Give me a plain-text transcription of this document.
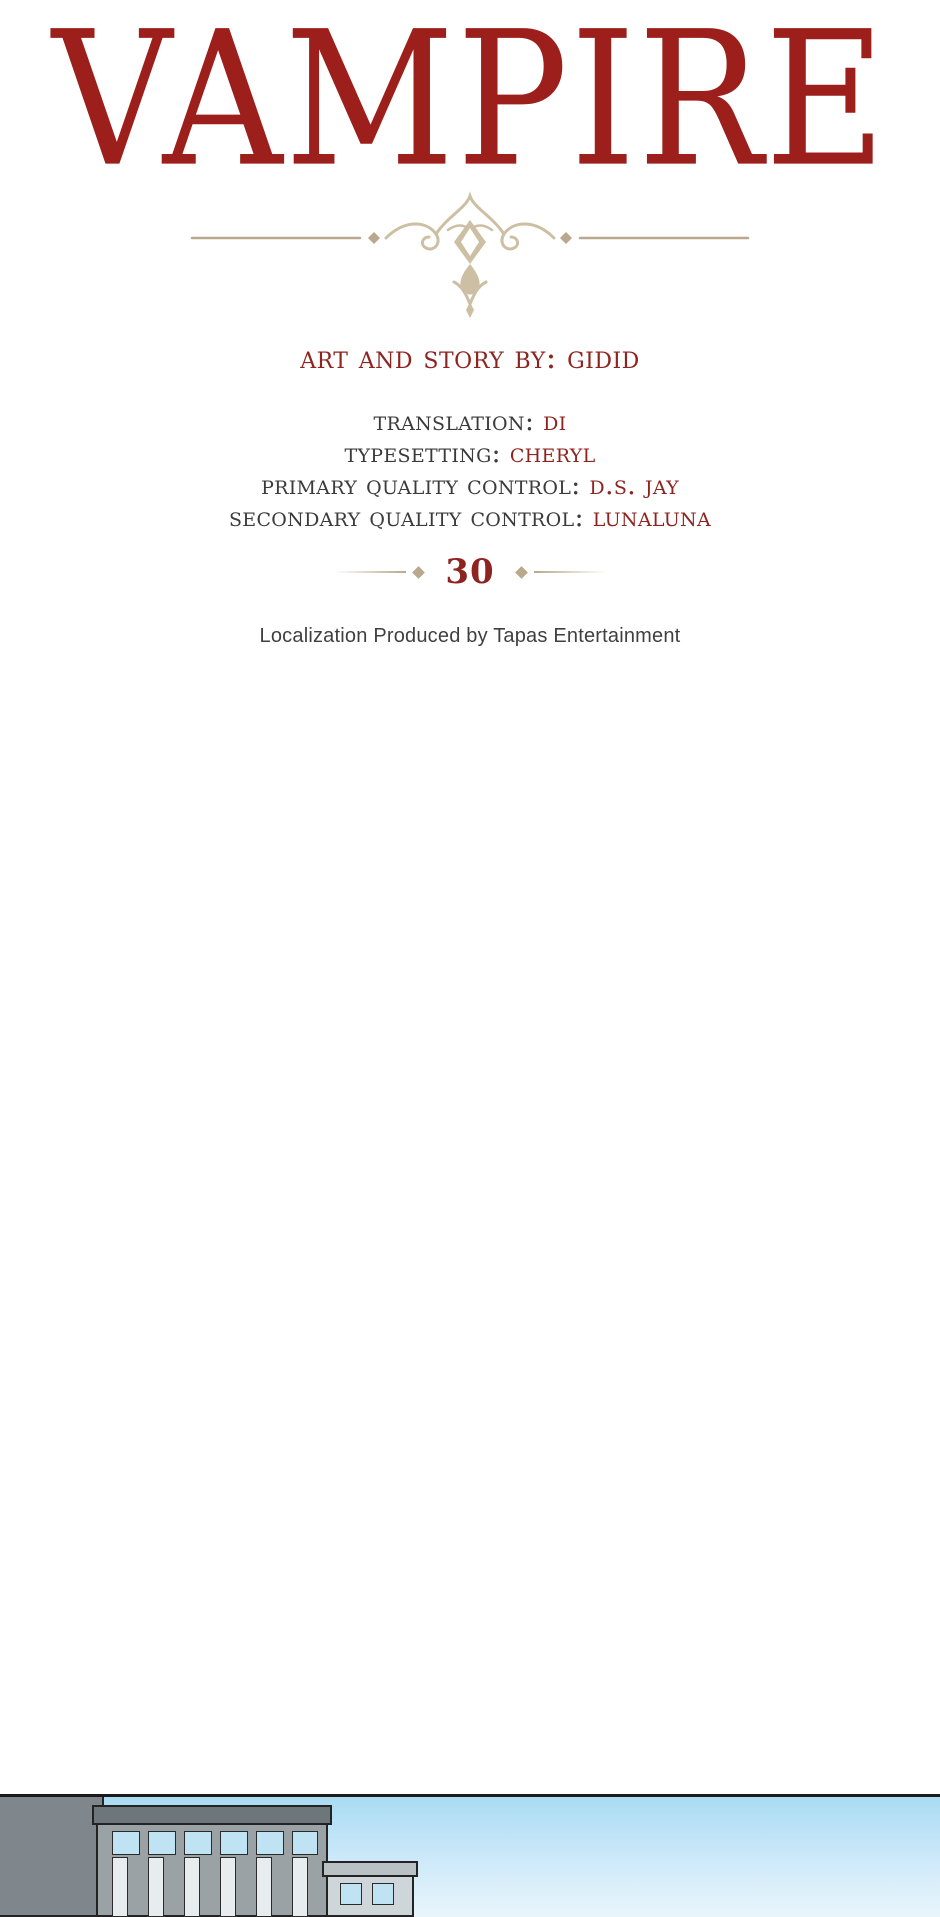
VAMPIRE
art and story by: gidid
translation: di
typesetting: cheryl
primary quality control: d.s. jay
secondary quality control: lunaluna
30
Localization Produced by Tapas Entertainment
